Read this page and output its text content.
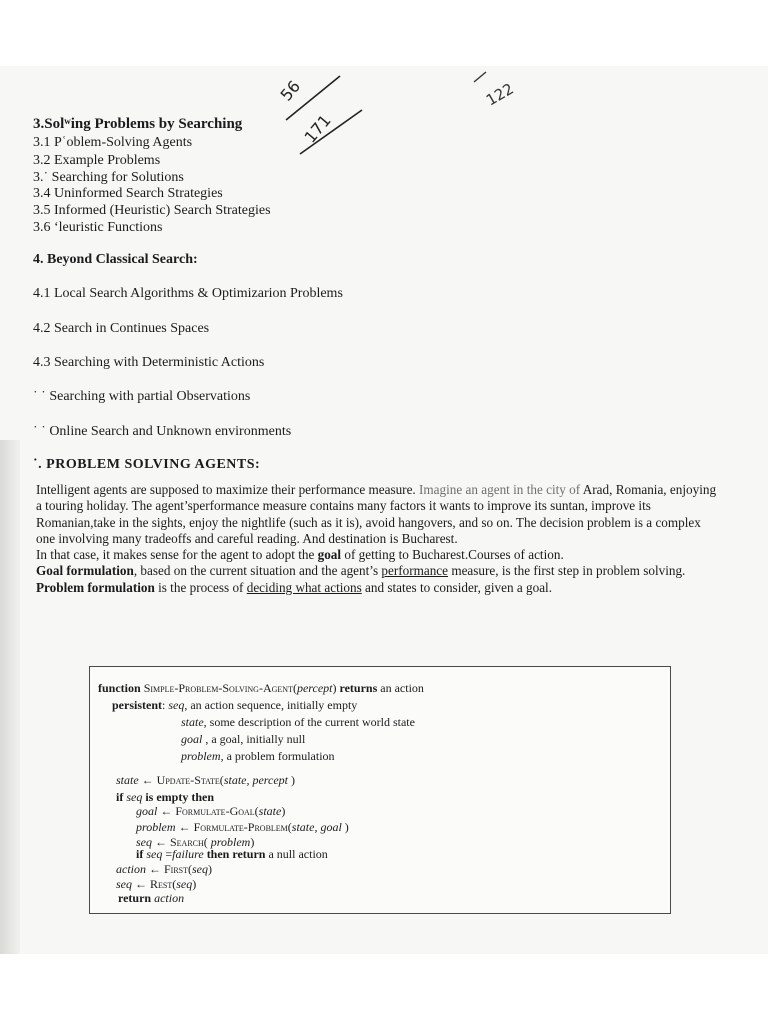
3.Solʷing Problems by Searching
3.1 Pʿoblem-Solving Agents
3.2 Example Problems
3.˙ Searching for Solutions
3.4 Uninformed Search Strategies
3.5 Informed (Heuristic) Search Strategies
3.6 ʻleuristic Functions
4. Beyond Classical Search:
4.1 Local Search Algorithms & Optimizarion Problems
4.2 Search in Continues Spaces
4.3 Searching with Deterministic Actions
˙ ˙ Searching with partial Observations
˙ ˙ Online Search and Unknown environments
˙. PROBLEM SOLVING AGENTS:

Intelligent agents are supposed to maximize their performance measure. Imagine an agent in the city of Arad, Romania, enjoying a touring holiday. The agent’sperformance measure contains many factors it wants to improve its suntan, improve its Romanian,take in the sights, enjoy the nightlife (such as it is), avoid hangovers, and so on. The decision problem is a complex one involving many tradeoffs and careful reading. And destination is Bucharest.

In that case, it makes sense for the agent to adopt the goal of getting to Bucharest.Courses of action.

Goal formulation, based on the current situation and the agent’s performance measure, is the first step in problem solving.

Problem formulation is the process of deciding what actions and states to consider, given a goal.

function Simple-Problem-Solving-Agent(percept) returns an action
persistent: seq, an action sequence, initially empty
state, some description of the current world state
goal , a goal, initially null
problem, a problem formulation
state ← Update-State(state, percept )
if seq is empty then
goal ← Formulate-Goal(state)
problem ← Formulate-Problem(state, goal )
seq ← Search( problem)
if seq =failure then return a null action
action ← First(seq)
seq ← Rest(seq)
return action
56
171
122
